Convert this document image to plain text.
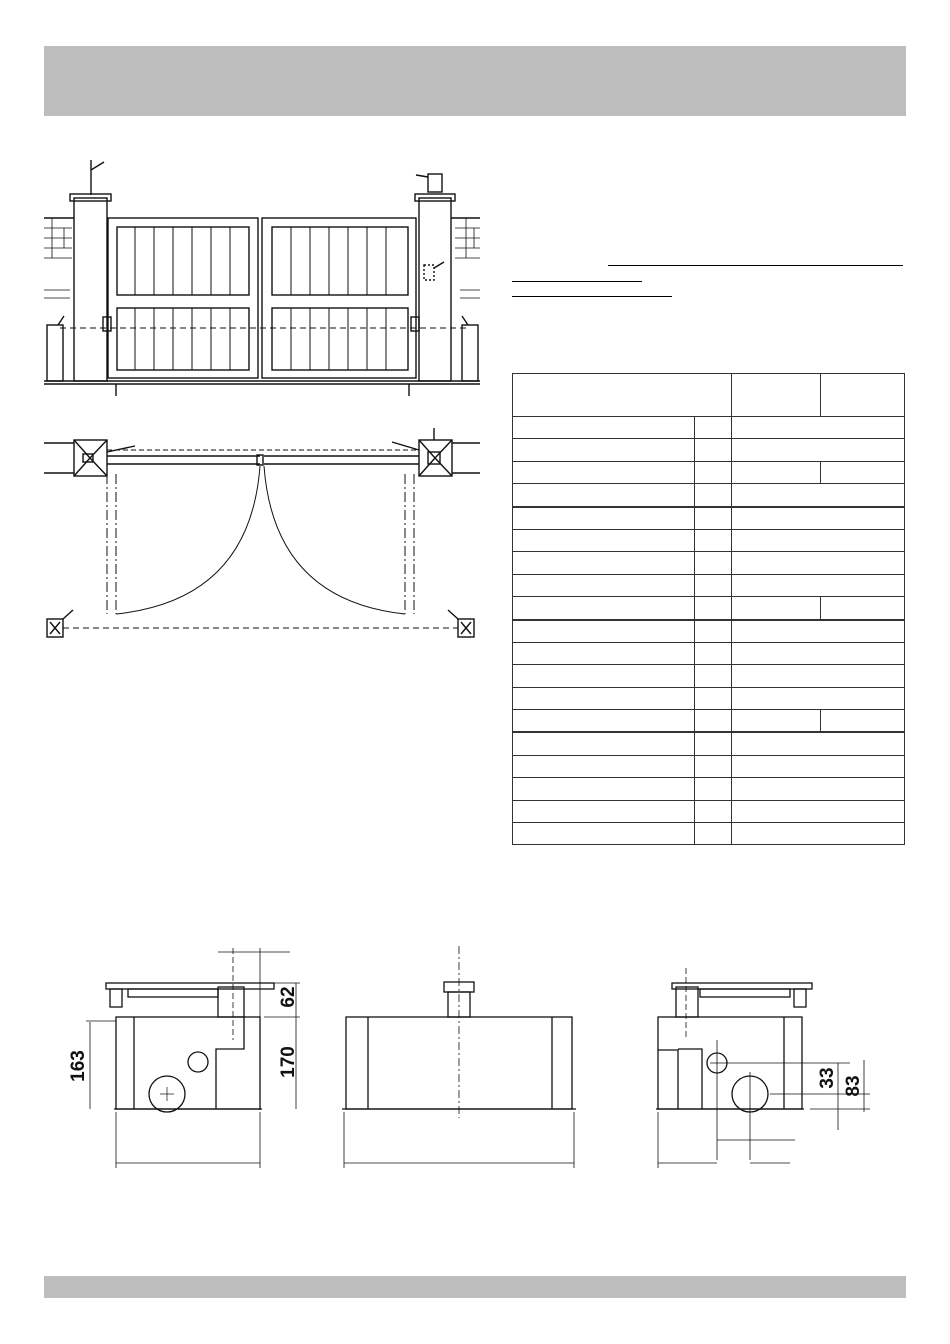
163	170
62
33 83
